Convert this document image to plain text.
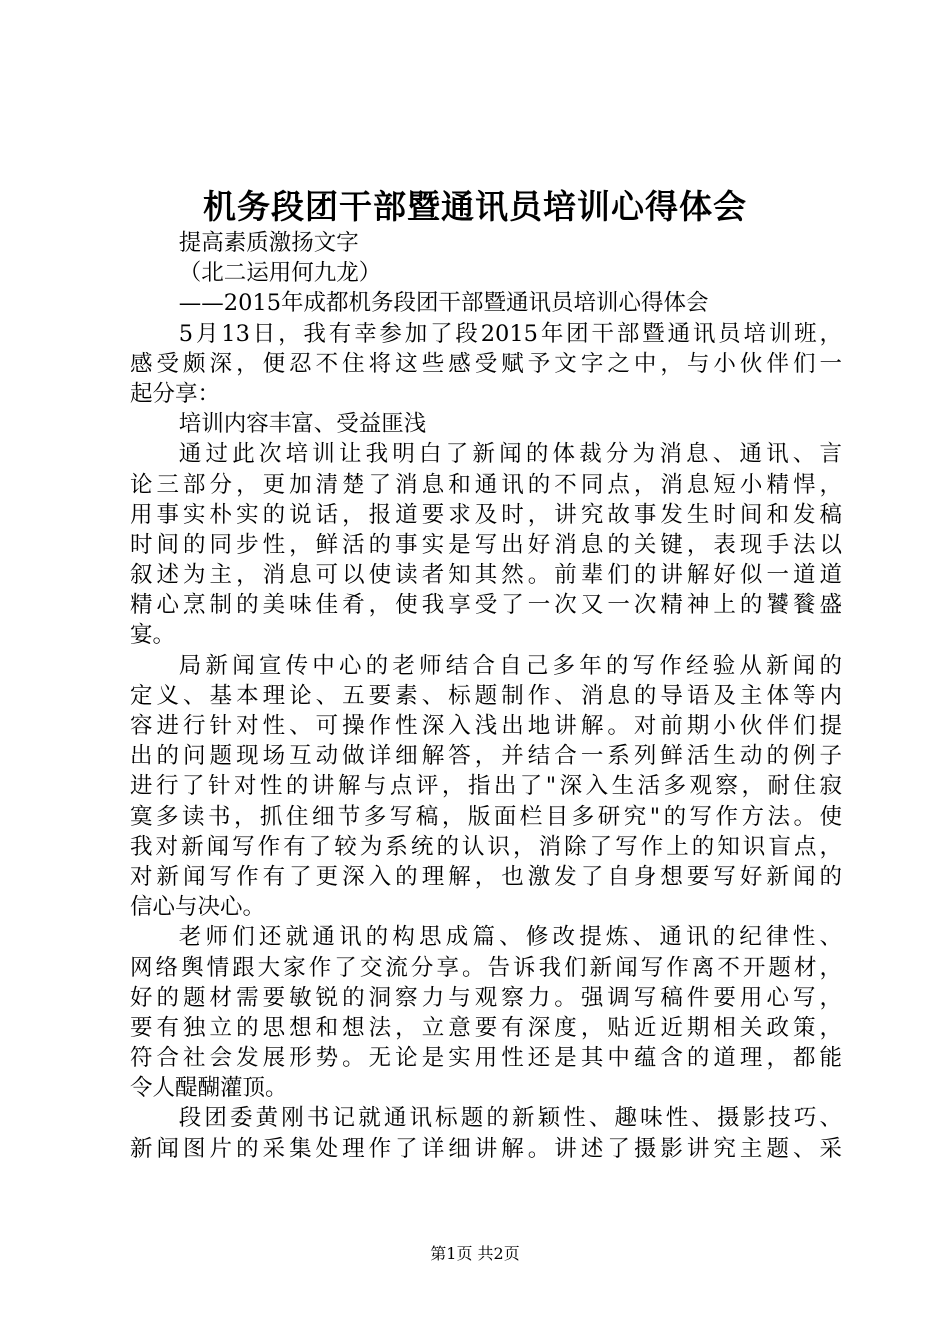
机务段团干部暨通讯员培训心得体会
提高素质激扬文字
（北二运用何九龙）
——2015年成都机务段团干部暨通讯员培训心得体会
5月13日，我有幸参加了段2015年团干部暨通讯员培训班，
感受颇深，便忍不住将这些感受赋予文字之中，与小伙伴们一
起分享：
培训内容丰富、受益匪浅
通过此次培训让我明白了新闻的体裁分为消息、通讯、言
论三部分，更加清楚了消息和通讯的不同点，消息短小精悍，
用事实朴实的说话，报道要求及时，讲究故事发生时间和发稿
时间的同步性，鲜活的事实是写出好消息的关键，表现手法以
叙述为主，消息可以使读者知其然。前辈们的讲解好似一道道
精心烹制的美味佳肴，使我享受了一次又一次精神上的饕餮盛
宴。
局新闻宣传中心的老师结合自己多年的写作经验从新闻的
定义、基本理论、五要素、标题制作、消息的导语及主体等内
容进行针对性、可操作性深入浅出地讲解。对前期小伙伴们提
出的问题现场互动做详细解答，并结合一系列鲜活生动的例子
进行了针对性的讲解与点评，指出了"深入生活多观察，耐住寂
寞多读书，抓住细节多写稿，版面栏目多研究"的写作方法。使
我对新闻写作有了较为系统的认识，消除了写作上的知识盲点，
对新闻写作有了更深入的理解，也激发了自身想要写好新闻的
信心与决心。
老师们还就通讯的构思成篇、修改提炼、通讯的纪律性、
网络舆情跟大家作了交流分享。告诉我们新闻写作离不开题材，
好的题材需要敏锐的洞察力与观察力。强调写稿件要用心写，
要有独立的思想和想法，立意要有深度，贴近近期相关政策，
符合社会发展形势。无论是实用性还是其中蕴含的道理，都能
令人醍醐灌顶。
段团委黄刚书记就通讯标题的新颖性、趣味性、摄影技巧、
新闻图片的采集处理作了详细讲解。讲述了摄影讲究主题、采
第1页 共2页
